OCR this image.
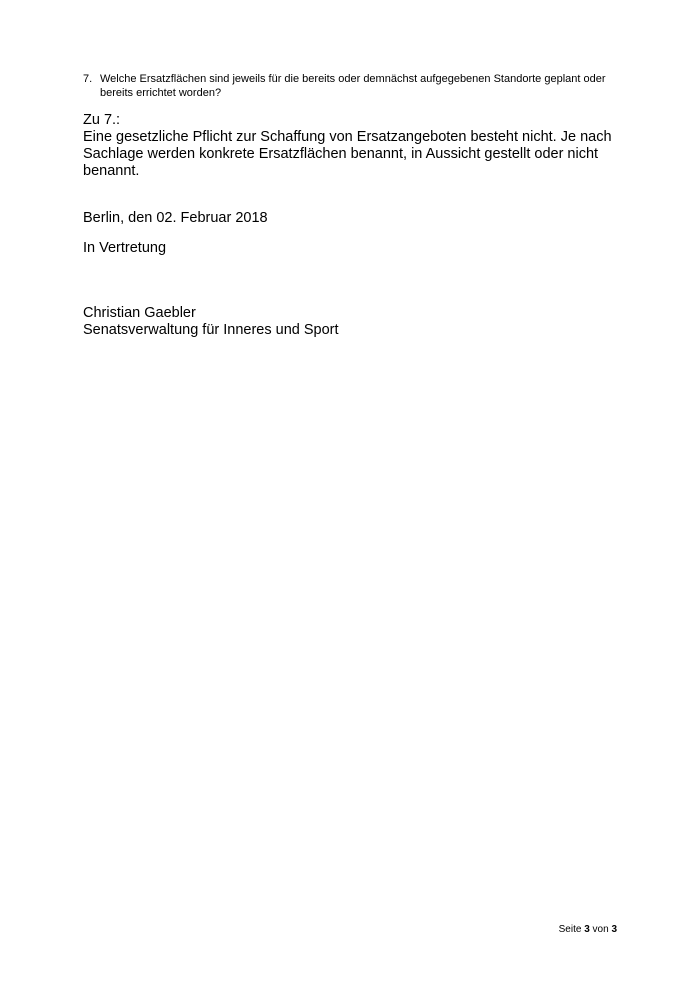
7. Welche Ersatzflächen sind jeweils für die bereits oder demnächst aufgegebenen Standorte geplant oder bereits errichtet worden?
Zu 7.:
Eine gesetzliche Pflicht zur Schaffung von Ersatzangeboten besteht nicht. Je nach Sachlage werden konkrete Ersatzflächen benannt, in Aussicht gestellt oder nicht benannt.
Berlin, den 02. Februar 2018
In Vertretung
Christian Gaebler
Senatsverwaltung für Inneres und Sport
Seite 3 von 3
